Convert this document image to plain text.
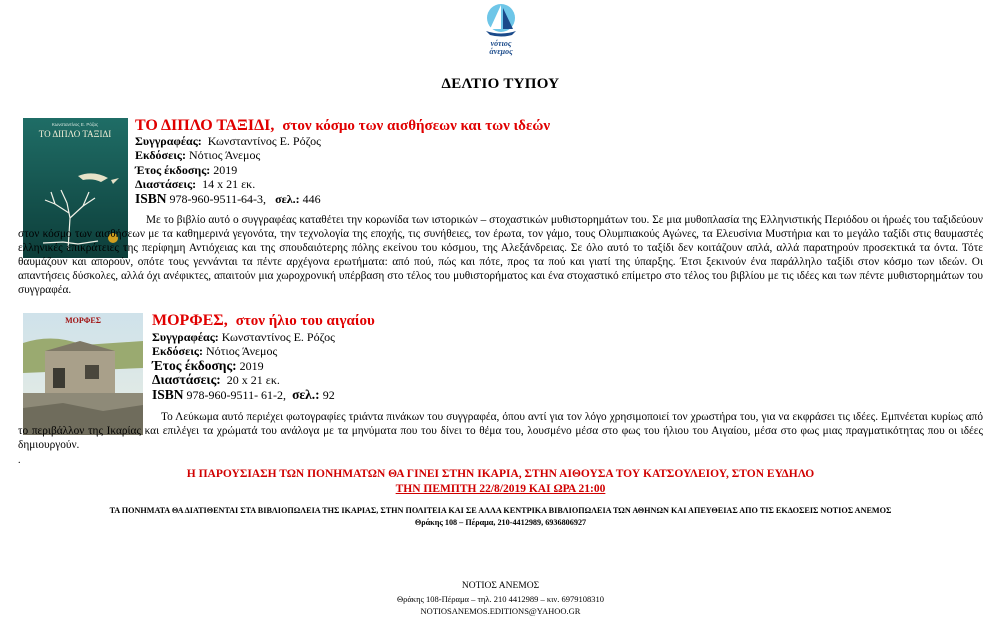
νότιος
άνεμος
ΔΕΛΤΙΟ ΤΥΠΟΥ
Κωνσταντίνος Ε. Ρόζος
ΤΟ ΔΙΠΛΟ ΤΑΞΙΔΙ ΤΟ ΔΙΠΛΟ ΤΑΞΙΔΙ, στον κόσμο των αισθήσεων και των ιδεών
Συγγραφέας: Κωνσταντίνος Ε. Ρόζος
Εκδόσεις: Νότιος Άνεμος
Έτος έκδοσης: 2019
Διαστάσεις: 14 x 21 εκ.
ISBN 978-960-9511-64-3, σελ.: 446
Με το βιβλίο αυτό ο συγγραφέας καταθέτει την κορωνίδα των ιστορικών – στοχαστικών μυθιστορημάτων του. Σε μια μυθοπλασία της Ελληνιστικής Περιόδου οι ήρωές του ταξιδεύουν στον κόσμο των αισθήσεων με τα καθημερινά γεγονότα, την τεχνολογία της εποχής, τις συνήθειες, τον έρωτα, τον γάμο, τους Ολυμπιακούς Αγώνες, τα Ελευσίνια Μυστήρια και το μεγάλο ταξίδι στις θαυμαστές ελληνικές επικράτειες της περίφημη Αντιόχειας και της σπουδαιότερης πόλης εκείνου του κόσμου, της Αλεξάνδρειας. Σε όλο αυτό το ταξίδι δεν κοιτάζουν απλά, αλλά παρατηρούν προσεκτικά τα όντα. Τότε θαυμάζουν και απορούν, οπότε τους γεννάνται τα πέντε αρχέγονα ερωτήματα: από πού, πώς και πότε, προς τα πού και γιατί της ύπαρξης. Έτσι ξεκινούν ένα παράλληλο ταξίδι στον κόσμο των ιδεών. Οι απαντήσεις δύσκολες, αλλά όχι ανέφικτες, απαιτούν μια χωροχρονική υπέρβαση στο τέλος του μυθιστορήματος και ένα στοχαστικό επίμετρο στο τέλος του βιβλίου με τις ιδέες και των πέντε μυθιστορημάτων του συγγραφέα.
ΜΟΡΦΕΣ	ΜΟΡΦΕΣ, στον ήλιο του αιγαίου
Συγγραφέας: Κωνσταντίνος Ε. Ρόζος
Εκδόσεις: Νότιος Άνεμος
Έτος έκδοσης: 2019
Διαστάσεις: 20 x 21 εκ.
ISBN 978-960-9511- 61-2, σελ.: 92
Το Λεύκωμα αυτό περιέχει φωτογραφίες τριάντα πινάκων του συγγραφέα, όπου αντί για τον λόγο χρησιμοποιεί τον χρωστήρα του, για να εκφράσει τις ιδέες. Εμπνέεται κυρίως από το περιβάλλον της Ικαρίας και επιλέγει τα χρώματά του ανάλογα με τα μηνύματα που του δίνει το θέμα του, λουσμένο μέσα στο φως του ήλιου του Αιγαίου, μέσα στο φως μιας πραγματικότητας που οι ιδέες δημιουργούν.
.
Η ΠΑΡΟΥΣΙΑΣΗ ΤΩΝ ΠΟΝΗΜΑΤΩΝ ΘΑ ΓΙΝΕΙ ΣΤΗΝ ΙΚΑΡΙΑ, ΣΤΗΝ ΑΙΘΟΥΣΑ ΤΟΥ ΚΑΤΣΟΥΛΕΙΟΥ, ΣΤΟΝ ΕΥΔΗΛΟ
ΤΗΝ ΠΕΜΠΤΗ 22/8/2019 ΚΑΙ ΩΡΑ 21:00
ΤΑ ΠΟΝΗΜΑΤΑ ΘΑ ΔΙΑΤΙΘΕΝΤΑΙ ΣΤΑ ΒΙΒΛΙΟΠΩΛΕΙΑ ΤΗΣ ΙΚΑΡΙΑΣ, ΣΤΗΝ ΠΟΛΙΤΕΙΑ ΚΑΙ ΣΕ ΑΛΛΑ ΚΕΝΤΡΙΚΑ ΒΙΒΛΙΟΠΩΛΕΙΑ ΤΩΝ ΑΘΗΝΩΝ ΚΑΙ ΑΠΕΥΘΕΙΑΣ ΑΠΟ ΤΙΣ ΕΚΔΟΣΕΙΣ ΝΟΤΙΟΣ ΑΝΕΜΟΣ
Θράκης 108 – Πέραμα, 210-4412989, 6936806927
ΝΟΤΙΟΣ ΑΝΕΜΟΣ
Θράκης 108-Πέραμα – τηλ. 210 4412989 – κιν. 6979108310
NOTIOSANEMOS.EDITIONS@YAHOO.GR
